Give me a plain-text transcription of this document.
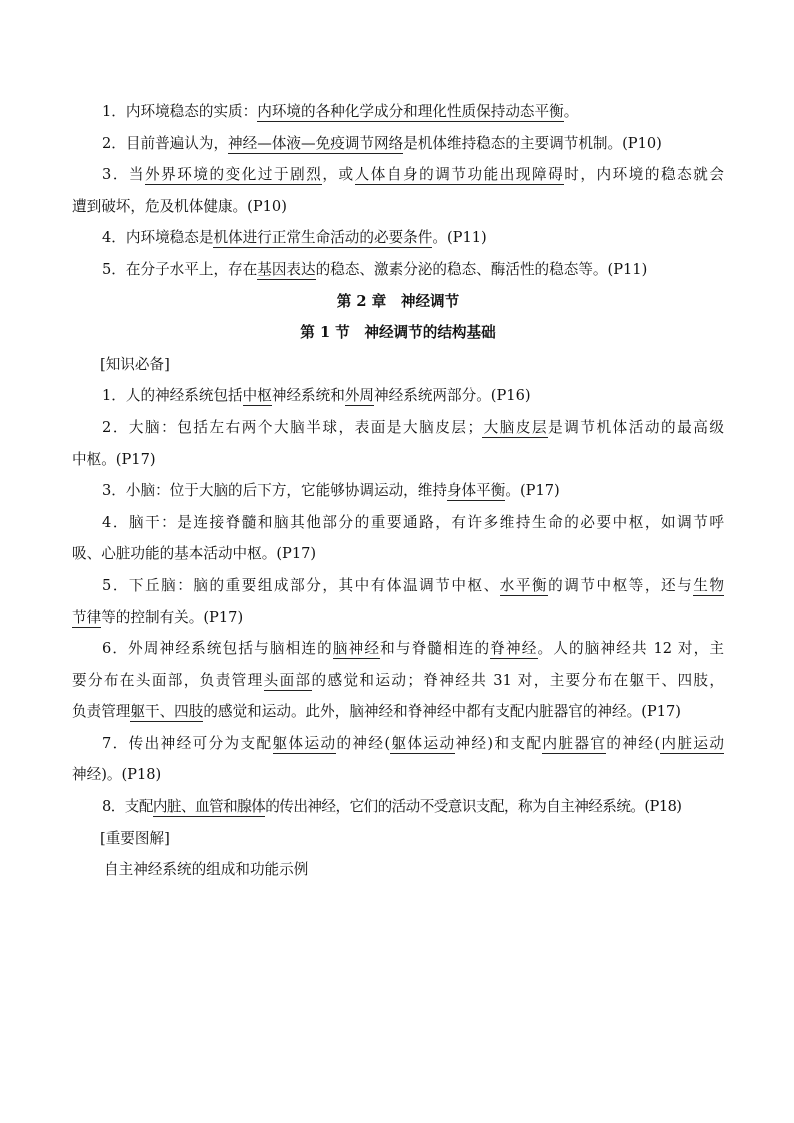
1．内环境稳态的实质：内环境的各种化学成分和理化性质保持动态平衡。
2．目前普遍认为，神经—体液—免疫调节网络是机体维持稳态的主要调节机制。(P10)
3．当外界环境的变化过于剧烈，或人体自身的调节功能出现障碍时，内环境的稳态就会
遭到破坏，危及机体健康。(P10)
4．内环境稳态是机体进行正常生命活动的必要条件。(P11)
5．在分子水平上，存在基因表达的稳态、激素分泌的稳态、酶活性的稳态等。(P11)
第 2 章　神经调节
第 1 节　神经调节的结构基础
[知识必备]
1．人的神经系统包括中枢神经系统和外周神经系统两部分。(P16)
2．大脑：包括左右两个大脑半球，表面是大脑皮层；大脑皮层是调节机体活动的最高级
中枢。(P17)
3．小脑：位于大脑的后下方，它能够协调运动，维持身体平衡。(P17)
4．脑干：是连接脊髓和脑其他部分的重要通路，有许多维持生命的必要中枢，如调节呼
吸、心脏功能的基本活动中枢。(P17)
5．下丘脑：脑的重要组成部分，其中有体温调节中枢、水平衡的调节中枢等，还与生物
节律等的控制有关。(P17)
6．外周神经系统包括与脑相连的脑神经和与脊髓相连的脊神经。人的脑神经共 12 对，主
要分布在头面部，负责管理头面部的感觉和运动；脊神经共 31 对，主要分布在躯干、四肢，
负责管理躯干、四肢的感觉和运动。此外，脑神经和脊神经中都有支配内脏器官的神经。(P17)
7．传出神经可分为支配躯体运动的神经(躯体运动神经)和支配内脏器官的神经(内脏运动
神经)。(P18)
8．支配内脏、血管和腺体的传出神经，它们的活动不受意识支配，称为自主神经系统。(P18)
[重要图解]
自主神经系统的组成和功能示例
